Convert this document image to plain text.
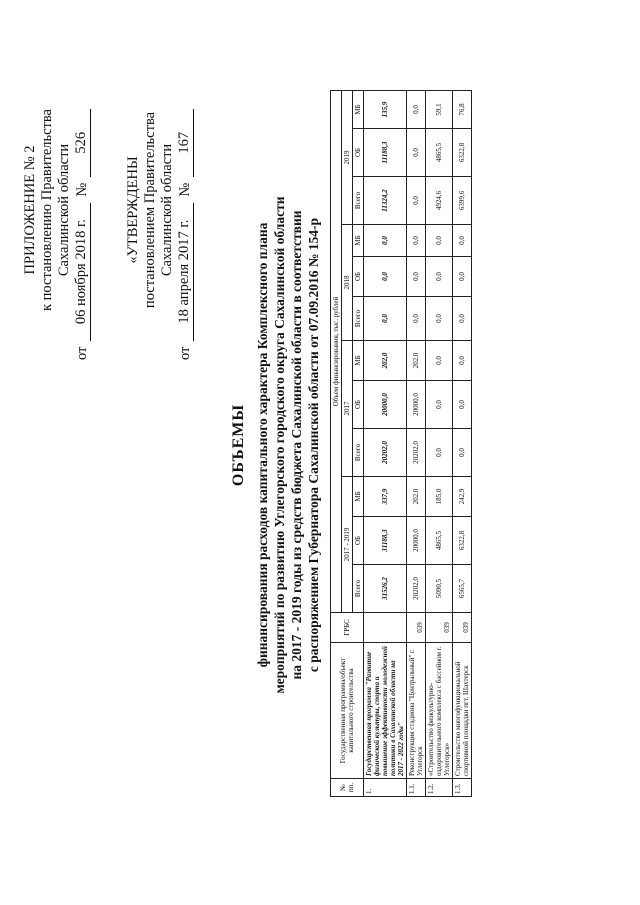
ПРИЛОЖЕНИЕ № 2 к постановлению Правительства Сахалинской области
от
06 ноября 2018 г.
№
526
«УТВЕРЖДЕНЫ постановлением Правительства Сахалинской области
от
18 апреля 2017 г.
№
167
ОБЪЕМЫ финансирования расходов капитального характера Комплексного плана мероприятий по развитию Углегорского городского округа Сахалинской области на 2017 - 2019 годы из средств бюджета Сахалинской области в соответствии с распоряжением Губернатора Сахалинской области от 07.09.2016 № 154-р
№ пп.	Государственная программа/объект капитального строительства	ГРБС	Объем финансирования, тыс. рублей											
			2017 - 2019			2017			2018			2019		
			Всего	ОБ	МБ	Всего	ОБ	МБ	Всего	ОБ	МБ	Всего	ОБ	МБ
1.	Государственная программа "Развитие физической культуры, спорта и повышение эффективности молодежной политики в Сахалинской области на 2017 - 2022 годы"		31526,2	31188,3	337,9	20202,0	20000,0	202,0	0,0	0,0	0,0	11324,2	11188,3	135,9
1.1.	Реконструкция стадиона "Центральный" г. Углегорск	039	20202,0	20000,0	202,0	20202,0	20000,0	202,0	0,0	0,0	0,0	0,0	0,0	0,0
1.2.	«Строительство физкультурно-оздоровительного комплекса с бассейном г. Углегорск»	039	5090,5	4865,5	185,0	0,0	0,0	0,0	0,0	0,0	0,0	4924,6	4865,5	59,1
1.3.	Строительство многофункциональной спортивной площадки пгт. Шахтерск	039	6565,7	6322,8	242,9	0,0	0,0	0,0	0,0	0,0	0,0	6399,6	6322,8	76,8
